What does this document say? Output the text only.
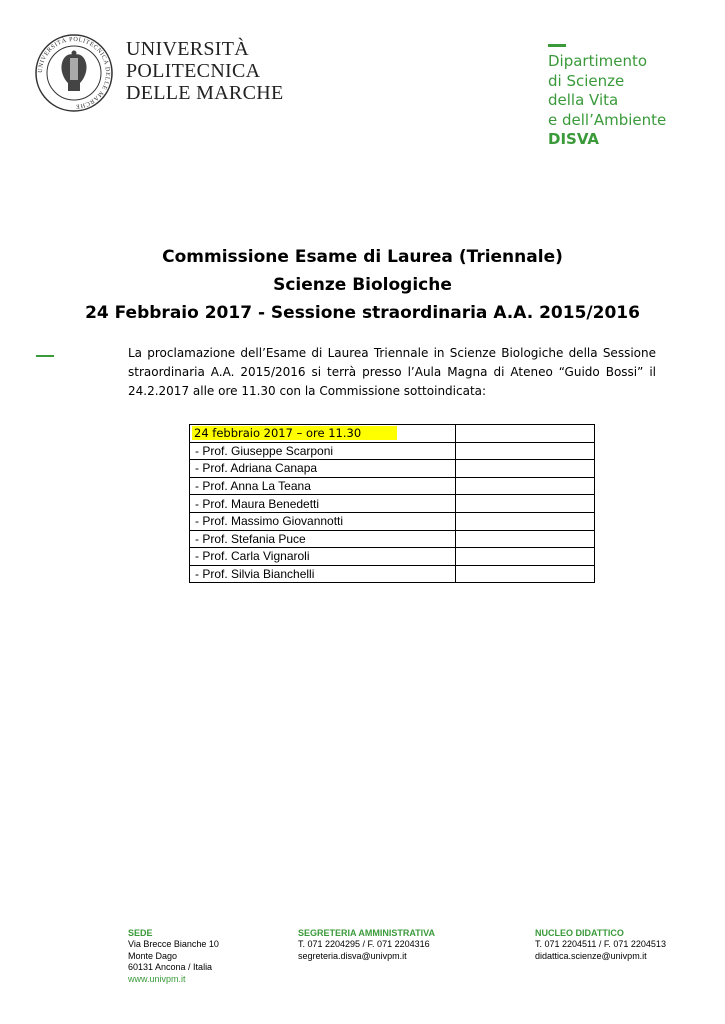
UNIVERSITÀ POLITECNICA DELLE MARCHE
UNIVERSITÀ
POLITECNICA
DELLE MARCHE
Dipartimento
di Scienze
della Vita
e dell’Ambiente
DISVA
Commissione Esame di Laurea (Triennale)
Scienze Biologiche
24 Febbraio 2017 - Sessione straordinaria A.A. 2015/2016
La proclamazione dell’Esame di Laurea Triennale in Scienze Biologiche della Sessione straordinaria A.A. 2015/2016 si terrà presso l’Aula Magna di Ateneo “Guido Bossi” il 24.2.2017 alle ore 11.30 con la Commissione sottoindicata:
24 febbraio 2017 – ore 11.30	
- Prof. Giuseppe Scarponi	
- Prof. Adriana Canapa	
- Prof. Anna La Teana	
- Prof. Maura Benedetti	
- Prof. Massimo Giovannotti	
- Prof. Stefania Puce	
- Prof. Carla Vignaroli	
- Prof. Silvia Bianchelli	
SEDE
Via Brecce Bianche 10
Monte Dago
60131 Ancona / Italia
www.univpm.it
SEGRETERIA AMMINISTRATIVA
T. 071 2204295 / F. 071 2204316
segreteria.disva@univpm.it
NUCLEO DIDATTICO
T. 071 2204511 / F. 071 2204513
didattica.scienze@univpm.it
